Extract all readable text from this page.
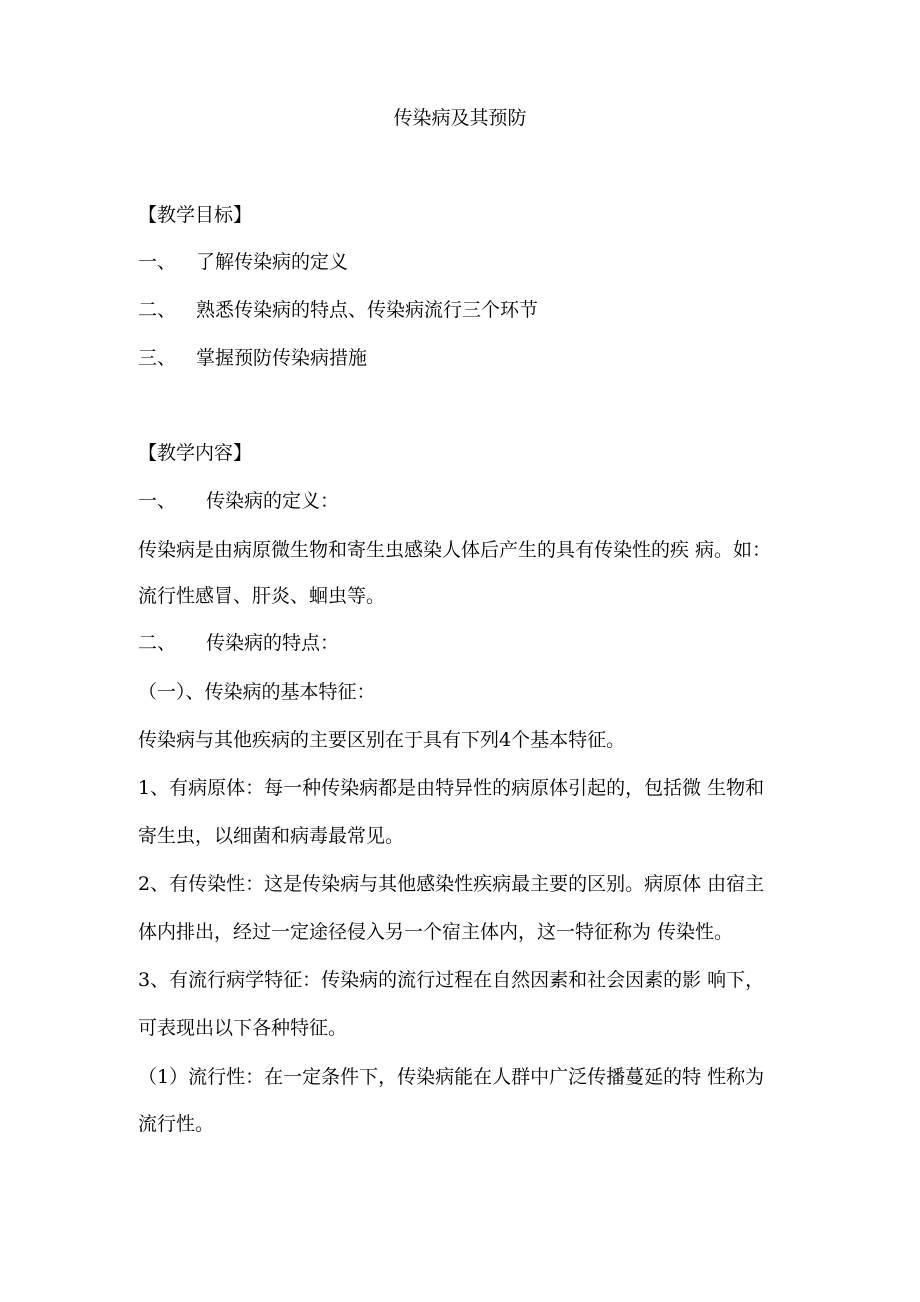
传染病及其预防
【教学目标】
一、 了解传染病的定义
二、 熟悉传染病的特点、传染病流行三个环节
三、 掌握预防传染病措施
【教学内容】
一、 传染病的定义：
传染病是由病原微生物和寄生虫感染人体后产生的具有传染性的疾 病。如：
流行性感冒、肝炎、蛔虫等。
二、 传染病的特点：
（一）、传染病的基本特征：
传染病与其他疾病的主要区别在于具有下列4个基本特征。
1、有病原体：每一种传染病都是由特异性的病原体引起的，包括微 生物和
寄生虫，以细菌和病毒最常见。
2、有传染性：这是传染病与其他感染性疾病最主要的区别。病原体 由宿主
体内排出，经过一定途径侵入另一个宿主体内，这一特征称为 传染性。
3、有流行病学特征：传染病的流行过程在自然因素和社会因素的影 响下，
可表现出以下各种特征。
（1）流行性：在一定条件下，传染病能在人群中广泛传播蔓延的特 性称为
流行性。
